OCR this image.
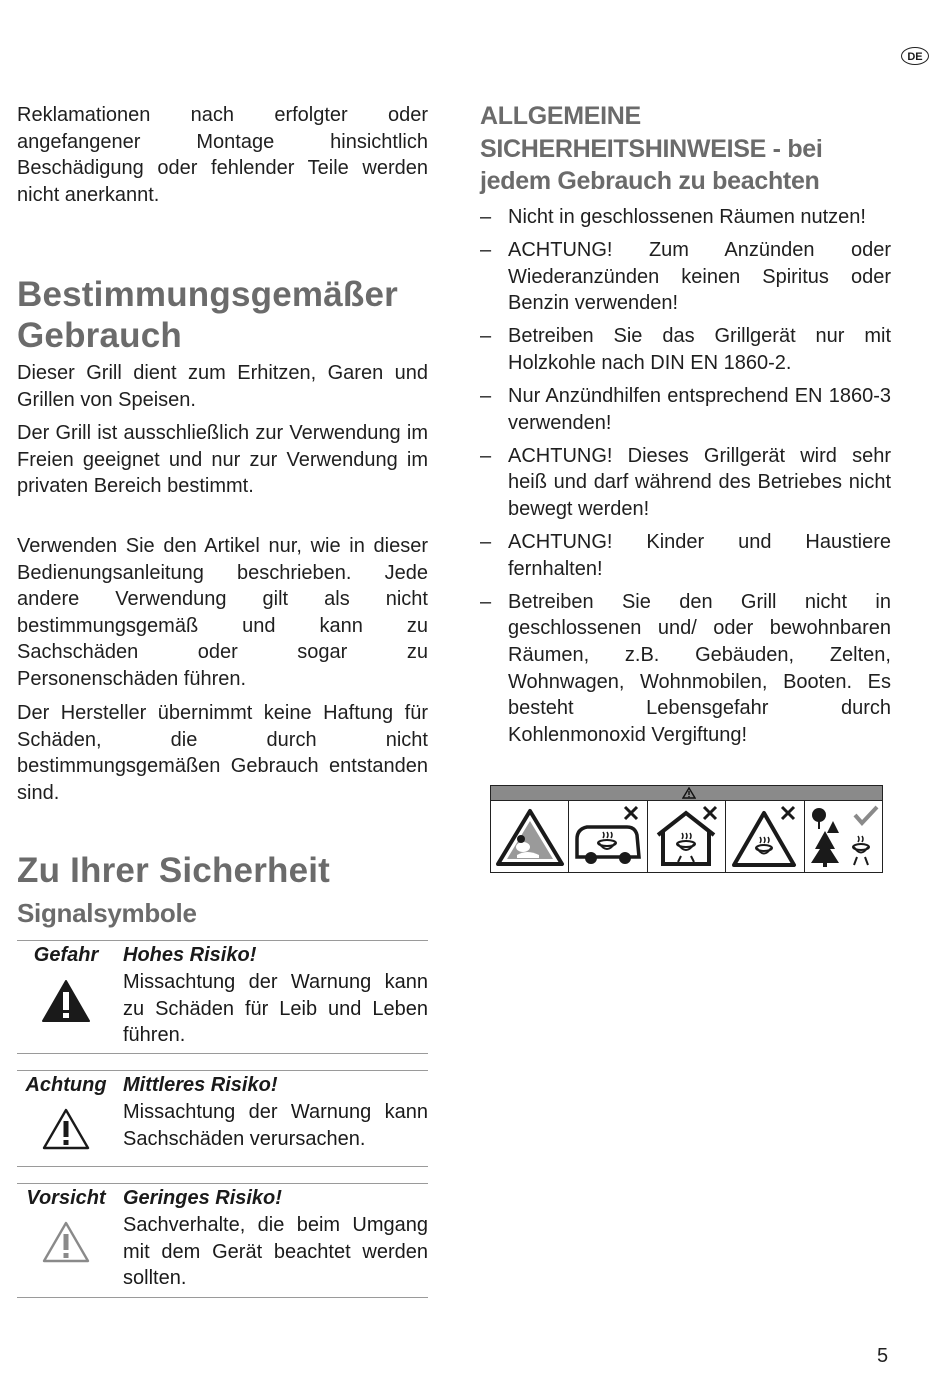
DE

Reklamationen nach erfolgter oder angefangener Montage hinsichtlich Beschädigung oder fehlender Teile werden nicht anerkannt.

Bestimmungsgemäßer Gebrauch

Dieser Grill dient zum Erhitzen, Garen und Grillen von Speisen.

Der Grill ist ausschließlich zur Verwendung im Freien geeignet und nur zur Verwendung im privaten Bereich bestimmt.

Verwenden Sie den Artikel nur, wie in dieser Bedienungsanleitung beschrieben. Jede andere Verwendung gilt als nicht bestimmungsgemäß und kann zu Sachschäden oder sogar zu Personenschäden führen.

Der Hersteller übernimmt keine Haftung für Schäden, die durch nicht bestimmungsgemäßen Gebrauch entstanden sind.

Zu Ihrer Sicherheit
Signalsymbole
Gefahr	Hohes Risiko!
Missachtung der Warnung kann zu Schäden für Leib und Leben führen.
Achtung Mittleres Risiko!
Missachtung der Warnung kann Sachschäden verursachen.
Vorsicht Geringes Risiko!
Sachverhalte, die beim Umgang mit dem Gerät beachtet werden sollten.
ALLGEMEINE SICHERHEITSHINWEISE - bei jedem Gebrauch zu beachten
– Nicht in geschlossenen Räumen nutzen!
– ACHTUNG! Zum Anzünden oder Wiederanzünden keinen Spiritus oder Benzin verwenden!
– Betreiben Sie das Grillgerät nur mit Holzkohle nach DIN EN 1860-2.
– Nur Anzündhilfen entsprechend EN 1860-3 verwenden!
– ACHTUNG! Dieses Grillgerät wird sehr heiß und darf während des Betriebes nicht bewegt werden!
– ACHTUNG! Kinder und Haustiere fernhalten!
– Betreiben Sie den Grill nicht in geschlossenen und/ oder bewohnbaren Räumen, z.B. Gebäuden, Zelten, Wohnwagen, Wohnmobilen, Booten. Es besteht Lebensgefahr durch Kohlenmonoxid Vergiftung!
5
